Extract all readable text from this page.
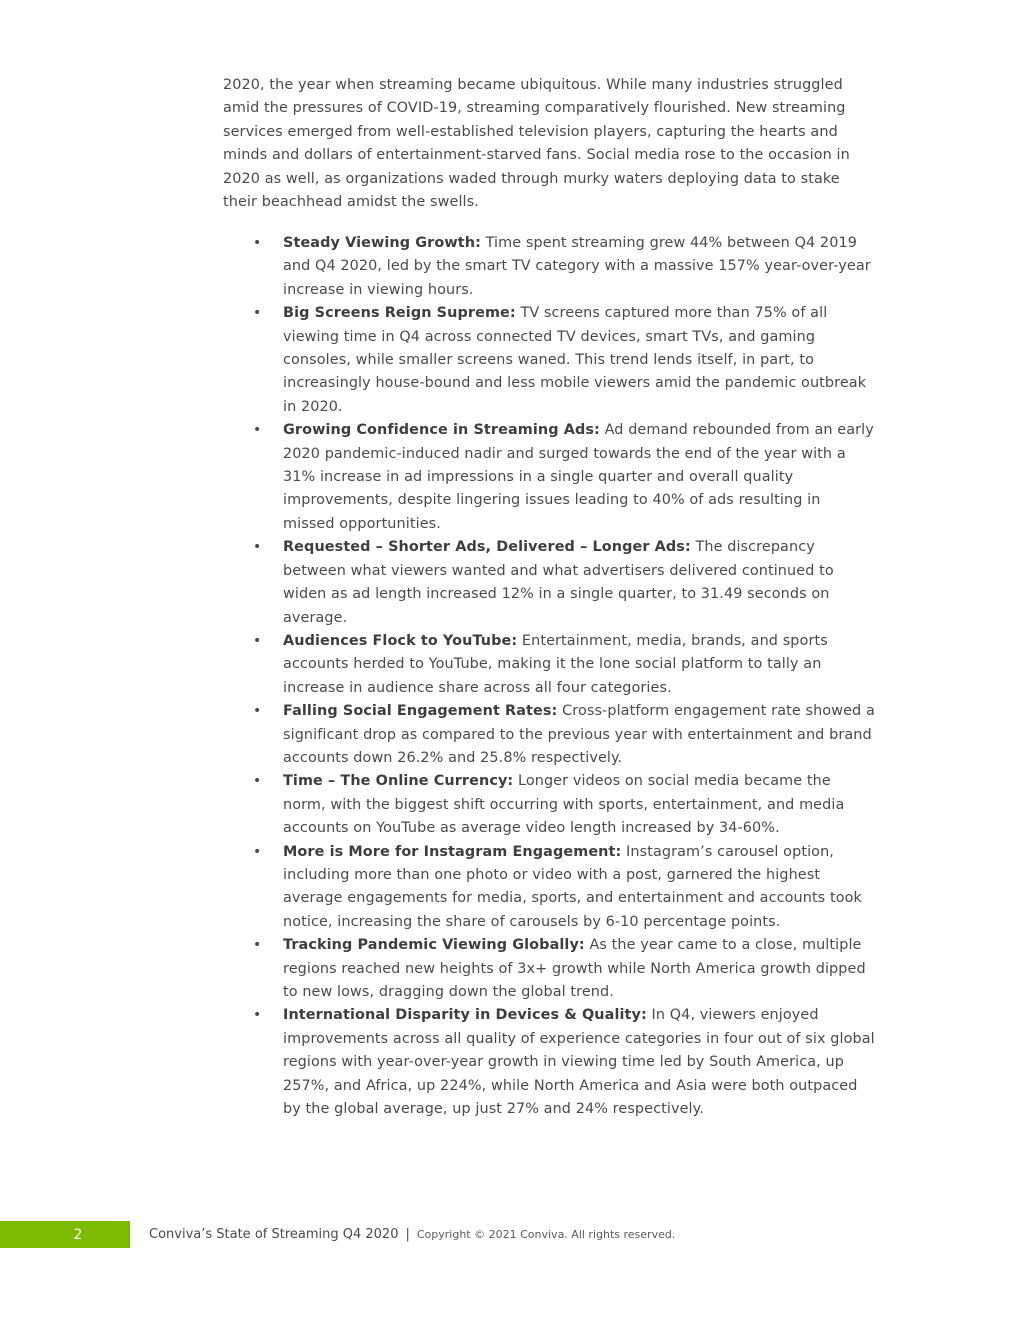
2020, the year when streaming became ubiquitous. While many industries struggled amid the pressures of COVID-19, streaming comparatively flourished. New streaming services emerged from well-established television players, capturing the hearts and minds and dollars of entertainment-starved fans. Social media rose to the occasion in 2020 as well, as organizations waded through murky waters deploying data to stake their beachhead amidst the swells.

• Steady Viewing Growth: Time spent streaming grew 44% between Q4 2019 and Q4 2020, led by the smart TV category with a massive 157% year-over-year increase in viewing hours.
• Big Screens Reign Supreme: TV screens captured more than 75% of all viewing time in Q4 across connected TV devices, smart TVs, and gaming consoles, while smaller screens waned. This trend lends itself, in part, to increasingly house-bound and less mobile viewers amid the pandemic outbreak in 2020.
• Growing Confidence in Streaming Ads: Ad demand rebounded from an early 2020 pandemic-induced nadir and surged towards the end of the year with a 31% increase in ad impressions in a single quarter and overall quality improvements, despite lingering issues leading to 40% of ads resulting in missed opportunities.
• Requested – Shorter Ads, Delivered – Longer Ads: The discrepancy between what viewers wanted and what advertisers delivered continued to widen as ad length increased 12% in a single quarter, to 31.49 seconds on average.
• Audiences Flock to YouTube: Entertainment, media, brands, and sports accounts herded to YouTube, making it the lone social platform to tally an increase in audience share across all four categories.
• Falling Social Engagement Rates: Cross-platform engagement rate showed a significant drop as compared to the previous year with entertainment and brand accounts down 26.2% and 25.8% respectively.
• Time – The Online Currency: Longer videos on social media became the norm, with the biggest shift occurring with sports, entertainment, and media accounts on YouTube as average video length increased by 34-60%.
• More is More for Instagram Engagement: Instagram’s carousel option, including more than one photo or video with a post, garnered the highest average engagements for media, sports, and entertainment and accounts took notice, increasing the share of carousels by 6-10 percentage points.
• Tracking Pandemic Viewing Globally: As the year came to a close, multiple regions reached new heights of 3x+ growth while North America growth dipped to new lows, dragging down the global trend.
• International Disparity in Devices & Quality: In Q4, viewers enjoyed improvements across all quality of experience categories in four out of six global regions with year-over-year growth in viewing time led by South America, up 257%, and Africa, up 224%, while North America and Asia were both outpaced by the global average, up just 27% and 24% respectively.
2	Conviva’s State of Streaming Q4 2020 | Copyright © 2021 Conviva. All rights reserved.
